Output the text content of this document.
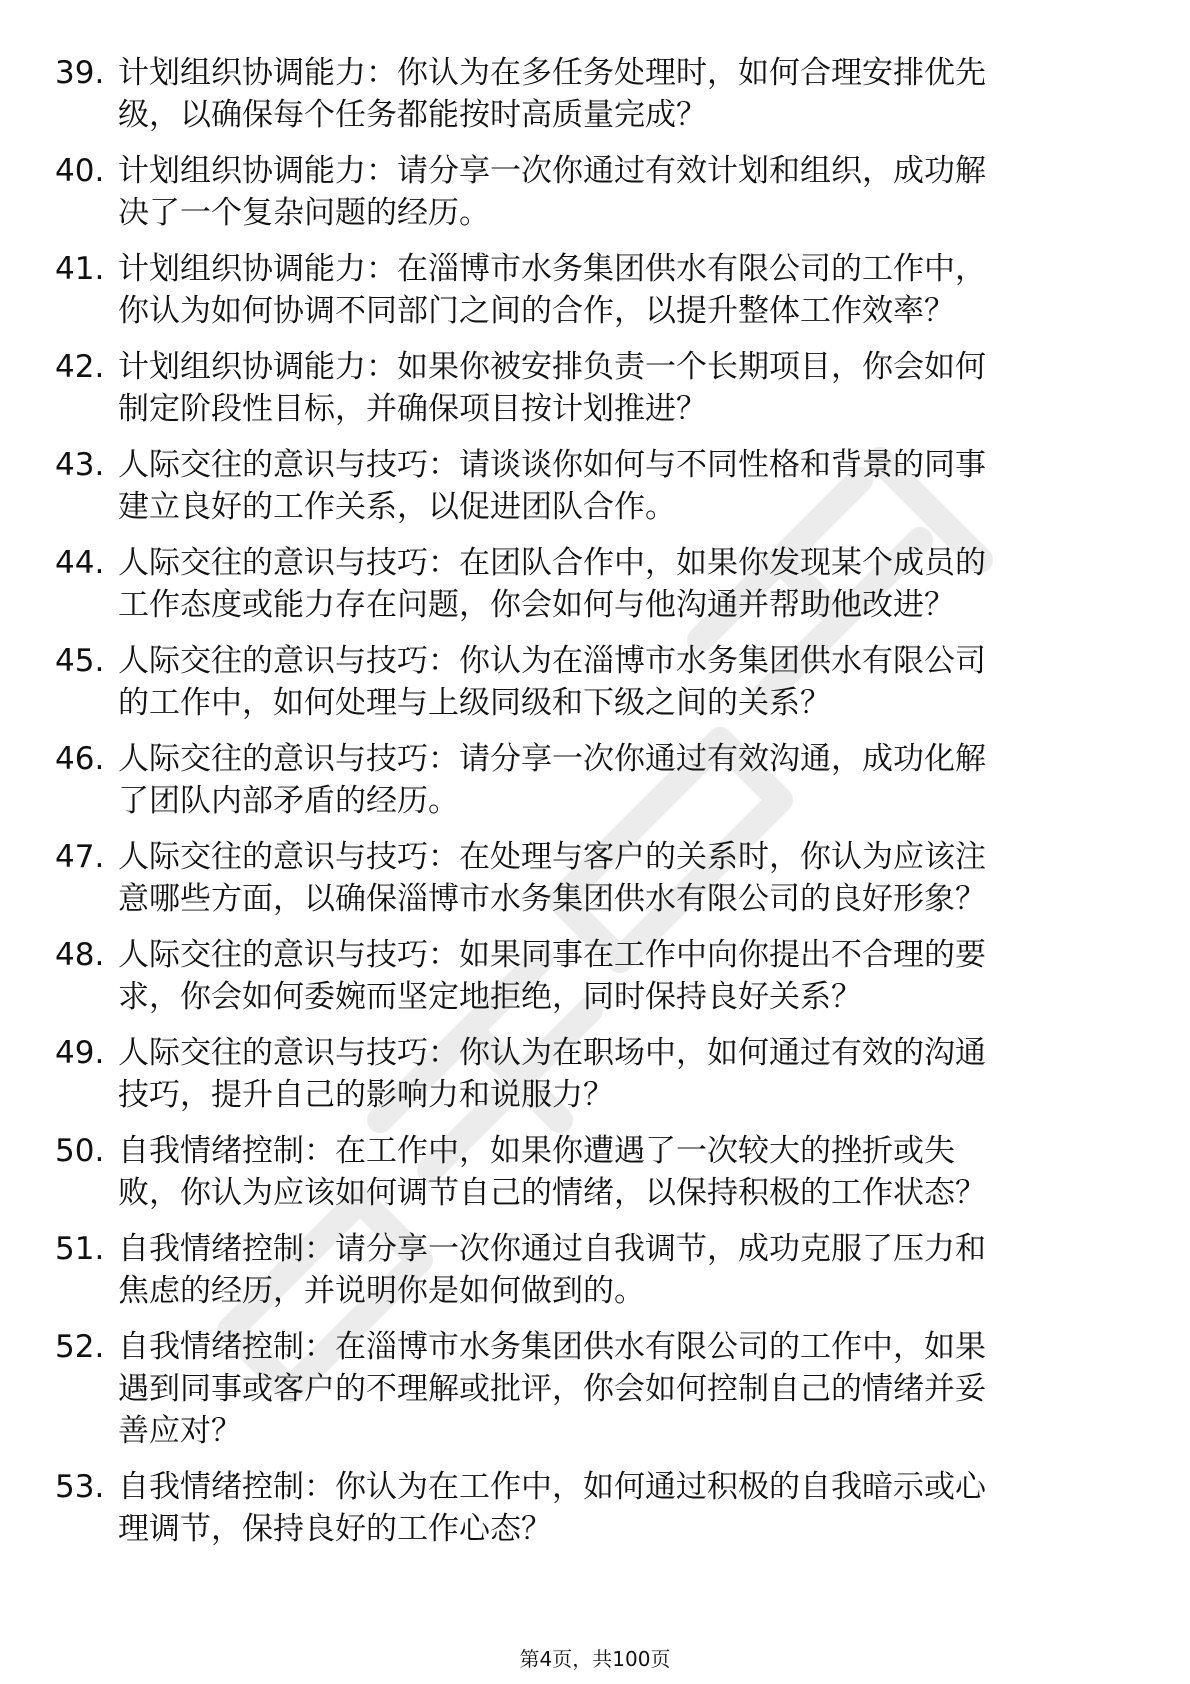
39. 计划组织协调能力：你认为在多任务处理时，如何合理安排优先
级，以确保每个任务都能按时高质量完成？
40. 计划组织协调能力：请分享一次你通过有效计划和组织，成功解
决了一个复杂问题的经历。
41. 计划组织协调能力：在淄博市水务集团供水有限公司的工作中，
你认为如何协调不同部门之间的合作，以提升整体工作效率？
42. 计划组织协调能力：如果你被安排负责一个长期项目，你会如何
制定阶段性目标，并确保项目按计划推进？
43. 人际交往的意识与技巧：请谈谈你如何与不同性格和背景的同事
建立良好的工作关系，以促进团队合作。
44. 人际交往的意识与技巧：在团队合作中，如果你发现某个成员的
工作态度或能力存在问题，你会如何与他沟通并帮助他改进？
45. 人际交往的意识与技巧：你认为在淄博市水务集团供水有限公司
的工作中，如何处理与上级同级和下级之间的关系？
46. 人际交往的意识与技巧：请分享一次你通过有效沟通，成功化解
了团队内部矛盾的经历。
47. 人际交往的意识与技巧：在处理与客户的关系时，你认为应该注
意哪些方面，以确保淄博市水务集团供水有限公司的良好形象？
48. 人际交往的意识与技巧：如果同事在工作中向你提出不合理的要
求，你会如何委婉而坚定地拒绝，同时保持良好关系？
49. 人际交往的意识与技巧：你认为在职场中，如何通过有效的沟通
技巧，提升自己的影响力和说服力？
50. 自我情绪控制：在工作中，如果你遭遇了一次较大的挫折或失
败，你认为应该如何调节自己的情绪，以保持积极的工作状态？
51. 自我情绪控制：请分享一次你通过自我调节，成功克服了压力和
焦虑的经历，并说明你是如何做到的。
52. 自我情绪控制：在淄博市水务集团供水有限公司的工作中，如果
遇到同事或客户的不理解或批评，你会如何控制自己的情绪并妥
善应对？
53. 自我情绪控制：你认为在工作中，如何通过积极的自我暗示或心
理调节，保持良好的工作心态？
第4页，共100页
